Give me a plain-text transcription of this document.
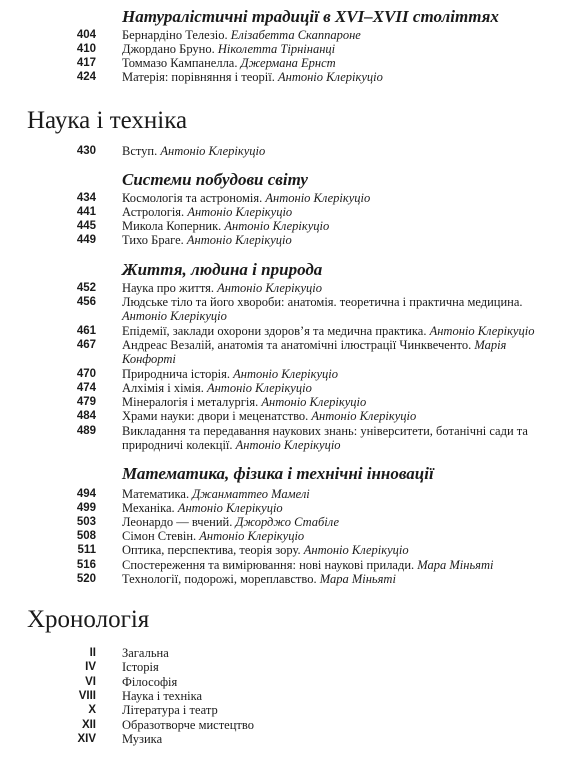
Натуралістичні традиції в XVI–XVII століттях
404 Бернардіно Телезіо. Елізабетта Скаппароне
410 Джордано Бруно. Ніколетта Тірнінанці
417 Томмазо Кампанелла. Джермана Ернст
424 Матерія: порівняння і теорії. Антоніо Клерікуціо
Наука і техніка
430 Вступ. Антоніо Клерікуціо
Системи побудови світу
434 Космологія та астрономія. Антоніо Клерікуціо
441 Астрологія. Антоніо Клерікуціо
445 Микола Коперник. Антоніо Клерікуціо
449 Тихо Браге. Антоніо Клерікуціо
Життя, людина і природа
452 Наука про життя. Антоніо Клерікуціо
456 Людське тіло та його хвороби: анатомія. теоретична і практична медицина. Антоніо Клерікуціо
461 Епідемії, заклади охорони здоров’я та медична практика. Антоніо Клерікуціо
467 Андреас Везалій, анатомія та анатомічні ілюстрації Чинквеченто. Марія Конфорті
470 Природнича історія. Антоніо Клерікуціо
474 Алхімія і хімія. Антоніо Клерікуціо
479 Мінералогія і металургія. Антоніо Клерікуціо
484 Храми науки: двори і меценатство. Антоніо Клерікуціо
489 Викладання та передавання наукових знань: університети, ботанічні сади та природничі колекції. Антоніо Клерікуціо
Математика, фізика і технічні інновації
494 Математика. Джанматтео Мамелі
499 Механіка. Антоніо Клерікуціо
503 Леонардо — вчений. Джорджо Стабіле
508 Сімон Стевін. Антоніо Клерікуціо
511 Оптика, перспектива, теорія зору. Антоніо Клерікуціо
516 Спостереження та вимірювання: нові наукові прилади. Мара Міньяті
520 Технології, подорожі, мореплавство. Мара Міньяті
Хронологія
II Загальна
IV Історія
VI Філософія
VIII Наука і техніка
X Література і театр
XII Образотворче мистецтво
XIV Музика
